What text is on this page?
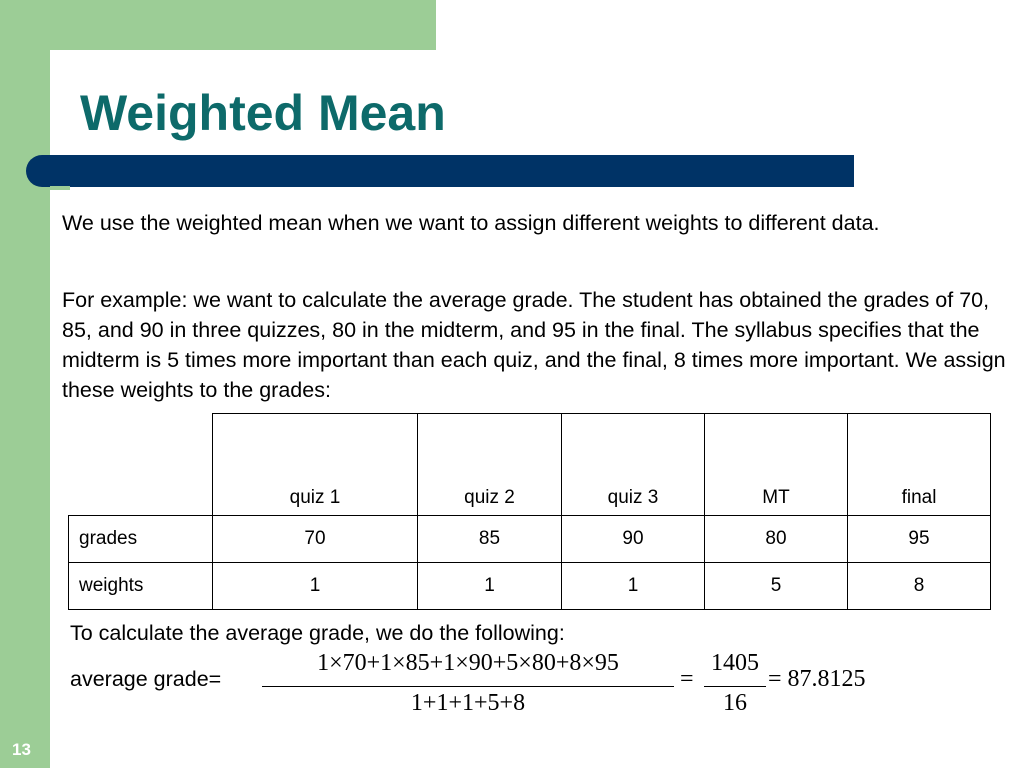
Weighted Mean

We use the weighted mean when we want to assign different weights to different data.

For example: we want to calculate the average grade. The student has obtained the grades of 70, 85, and 90 in three quizzes, 80 in the midterm, and 95 in the final. The syllabus specifies that the midterm is 5 times more important than each quiz, and the final, 8 times more important. We assign these weights to the grades:

	quiz 1	quiz 2	quiz 3	MT	final
grades	70	85	90	80	95
weights	1	1	1	5	8

To calculate the average grade, we do the following:

average grade=
1×70+1×85+1×90+5×80+8×95
1+1+1+5+8
=
1405
16
= 87.8125
13
